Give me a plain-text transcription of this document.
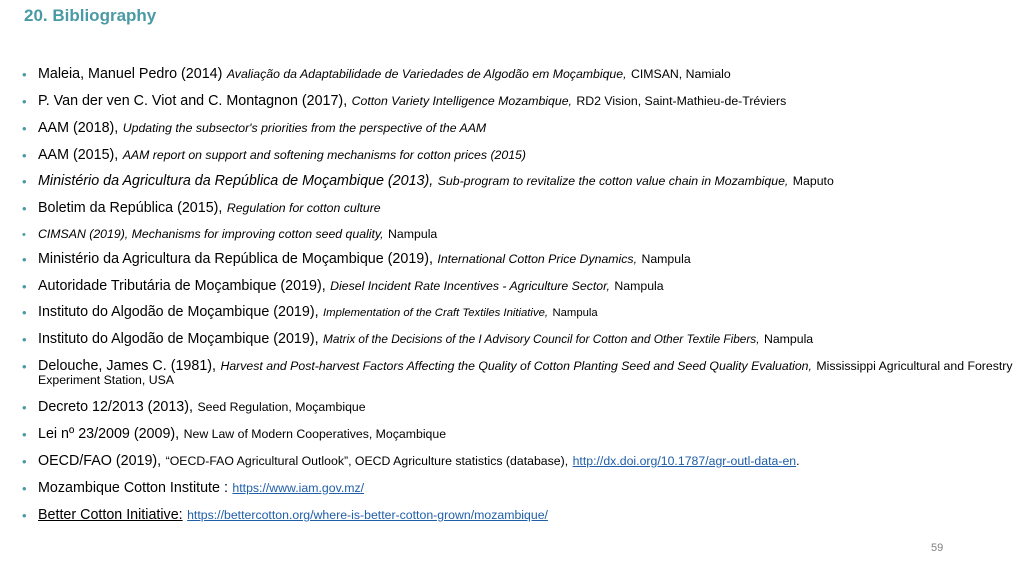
20. Bibliography
• Maleia, Manuel Pedro (2014) Avaliação da Adaptabilidade de Variedades de Algodão em Moçambique, CIMSAN, Namialo
• P. Van der ven C. Viot and C. Montagnon (2017), Cotton Variety Intelligence Mozambique, RD2 Vision, Saint-Mathieu-de-Tréviers
• AAM (2018), Updating the subsector's priorities from the perspective of the AAM
• AAM (2015), AAM report on support and softening mechanisms for cotton prices (2015)
• Ministério da Agricultura da República de Moçambique (2013), Sub-program to revitalize the cotton value chain in Mozambique, Maputo
• Boletim da República (2015), Regulation for cotton culture
• CIMSAN (2019), Mechanisms for improving cotton seed quality, Nampula
• Ministério da Agricultura da República de Moçambique (2019), International Cotton Price Dynamics, Nampula
• Autoridade Tributária de Moçambique (2019), Diesel Incident Rate Incentives - Agriculture Sector, Nampula
• Instituto do Algodão de Moçambique (2019), Implementation of the Craft Textiles Initiative, Nampula
• Instituto do Algodão de Moçambique (2019), Matrix of the Decisions of the I Advisory Council for Cotton and Other Textile Fibers, Nampula
• Delouche, James C. (1981), Harvest and Post-harvest Factors Affecting the Quality of Cotton Planting Seed and Seed Quality Evaluation, Mississippi Agricultural and Forestry Experiment Station, USA
• Decreto 12/2013 (2013), Seed Regulation, Moçambique
• Lei nº 23/2009 (2009), New Law of Modern Cooperatives, Moçambique
• OECD/FAO (2019), “OECD-FAO Agricultural Outlook”, OECD Agriculture statistics (database), http://dx.doi.org/10.1787/agr-outl-data-en.
• Mozambique Cotton Institute : https://www.iam.gov.mz/
• Better Cotton Initiative: https://bettercotton.org/where-is-better-cotton-grown/mozambique/
59
